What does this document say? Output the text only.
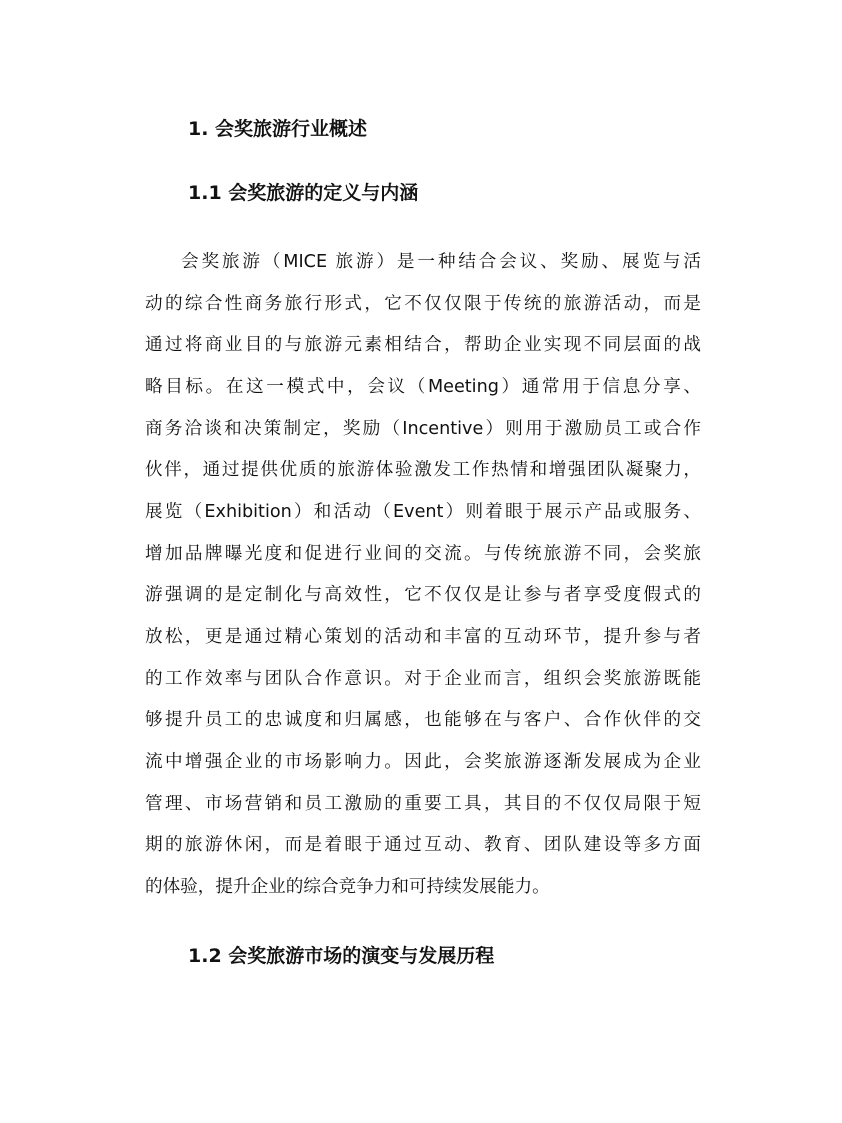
1. 会奖旅游行业概述
1.1 会奖旅游的定义与内涵
会奖旅游（MICE 旅游）是一种结合会议、奖励、展览与活
动的综合性商务旅行形式，它不仅仅限于传统的旅游活动，而是
通过将商业目的与旅游元素相结合，帮助企业实现不同层面的战
略目标。在这一模式中，会议（Meeting）通常用于信息分享、
商务洽谈和决策制定，奖励（Incentive）则用于激励员工或合作
伙伴，通过提供优质的旅游体验激发工作热情和增强团队凝聚力，
展览（Exhibition）和活动（Event）则着眼于展示产品或服务、
增加品牌曝光度和促进行业间的交流。与传统旅游不同，会奖旅
游强调的是定制化与高效性，它不仅仅是让参与者享受度假式的
放松，更是通过精心策划的活动和丰富的互动环节，提升参与者
的工作效率与团队合作意识。对于企业而言，组织会奖旅游既能
够提升员工的忠诚度和归属感，也能够在与客户、合作伙伴的交
流中增强企业的市场影响力。因此，会奖旅游逐渐发展成为企业
管理、市场营销和员工激励的重要工具，其目的不仅仅局限于短
期的旅游休闲，而是着眼于通过互动、教育、团队建设等多方面
的体验，提升企业的综合竞争力和可持续发展能力。
1.2 会奖旅游市场的演变与发展历程
